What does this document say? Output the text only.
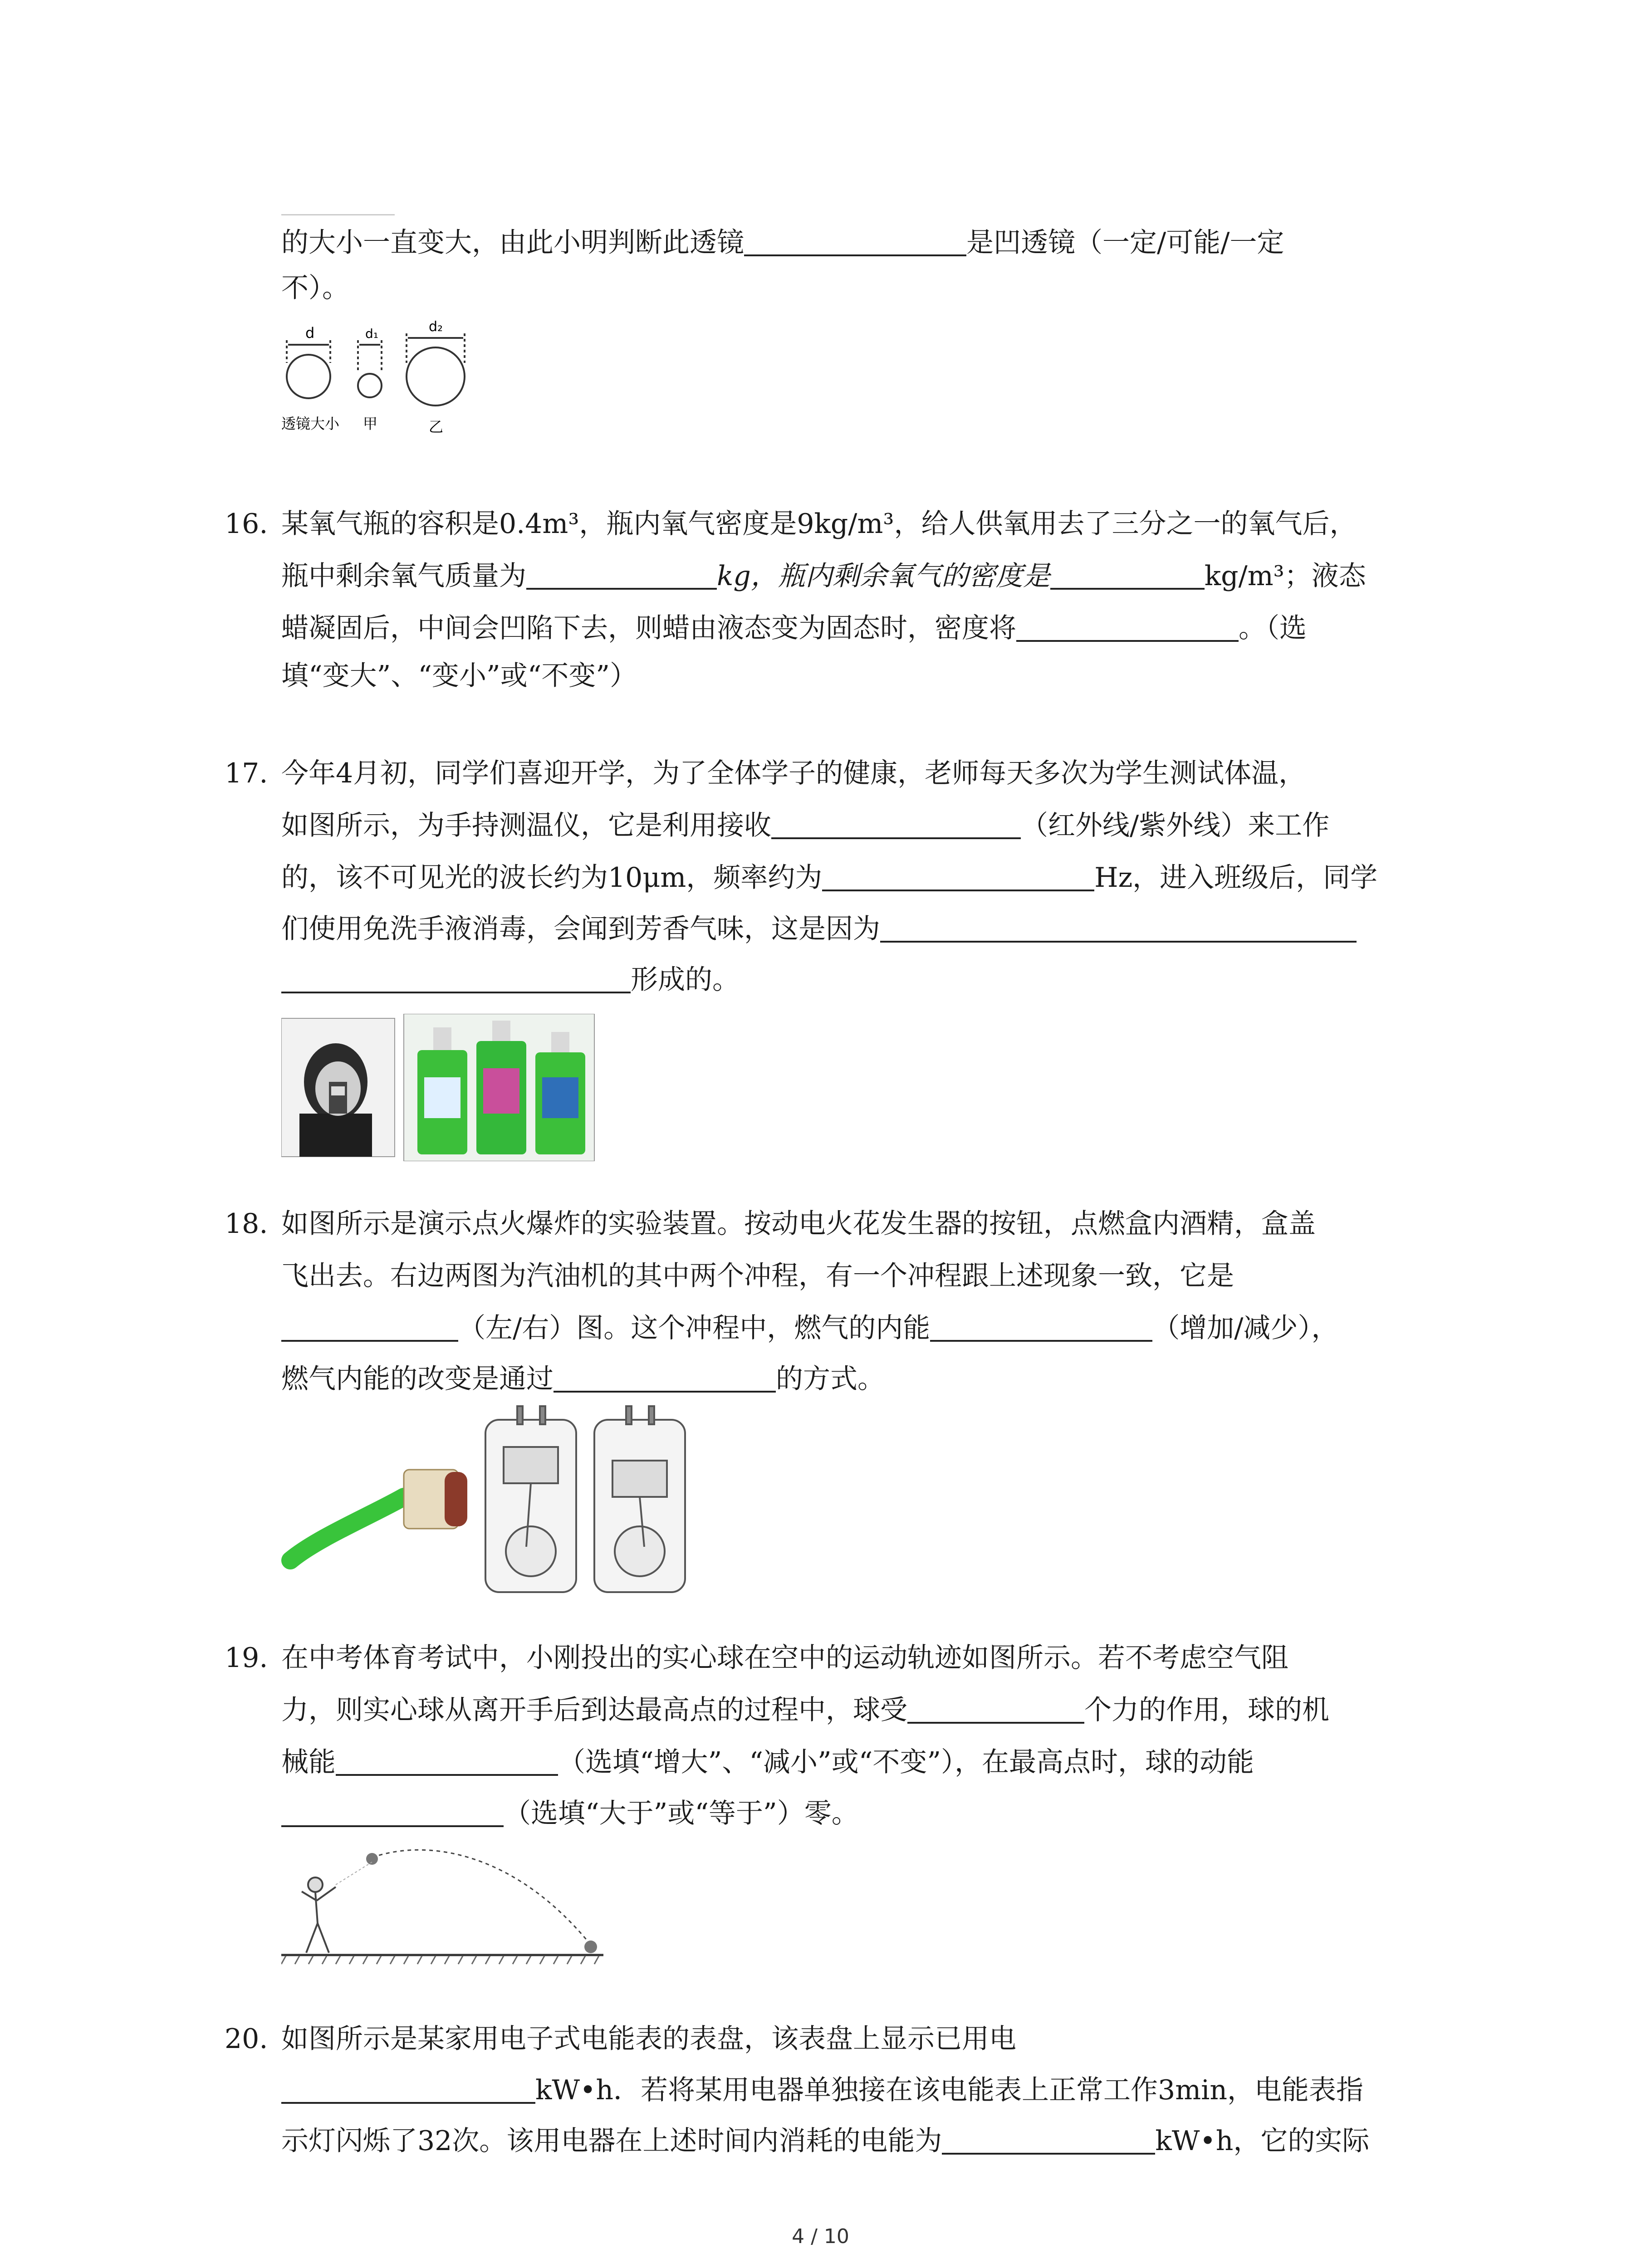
的大小一直变大，由此小明判断此透镜	是凹透镜（一定/可能/一定
不）。
d	d₁	d₂
透镜大小 甲	乙
16. 某氧气瓶的容积是0.4m³，瓶内氧气密度是9kg/m³，给人供氧用去了三分之一的氧气后，
瓶中剩余氧气质量为	kg，瓶内剩余氧气的密度是	kg/m³；液态
蜡凝固后，中间会凹陷下去，则蜡由液态变为固态时，密度将	。（选
填“变大”、“变小”或“不变”）
17. 今年4月初，同学们喜迎开学，为了全体学子的健康，老师每天多次为学生测试体温，
如图所示，为手持测温仪，它是利用接收	（红外线/紫外线）来工作
的，该不可见光的波长约为10μm，频率约为	Hz，进入班级后，同学
们使用免洗手液消毒，会闻到芳香气味，这是因为
形成的。
18. 如图所示是演示点火爆炸的实验装置。按动电火花发生器的按钮，点燃盒内酒精，盒盖
飞出去。右边两图为汽油机的其中两个冲程，有一个冲程跟上述现象一致，它是
（左/右）图。这个冲程中，燃气的内能	（增加/减少），
燃气内能的改变是通过	的方式。
19. 在中考体育考试中，小刚投出的实心球在空中的运动轨迹如图所示。若不考虑空气阻
力，则实心球从离开手后到达最高点的过程中，球受	个力的作用，球的机
械能	（选填“增大”、“减小”或“不变”），在最高点时，球的动能
（选填“大于”或“等于”）零。
20. 如图所示是某家用电子式电能表的表盘，该表盘上显示已用电
kW•h．若将某用电器单独接在该电能表上正常工作3min，电能表指
示灯闪烁了32次。该用电器在上述时间内消耗的电能为	kW•h，它的实际
4 / 10
